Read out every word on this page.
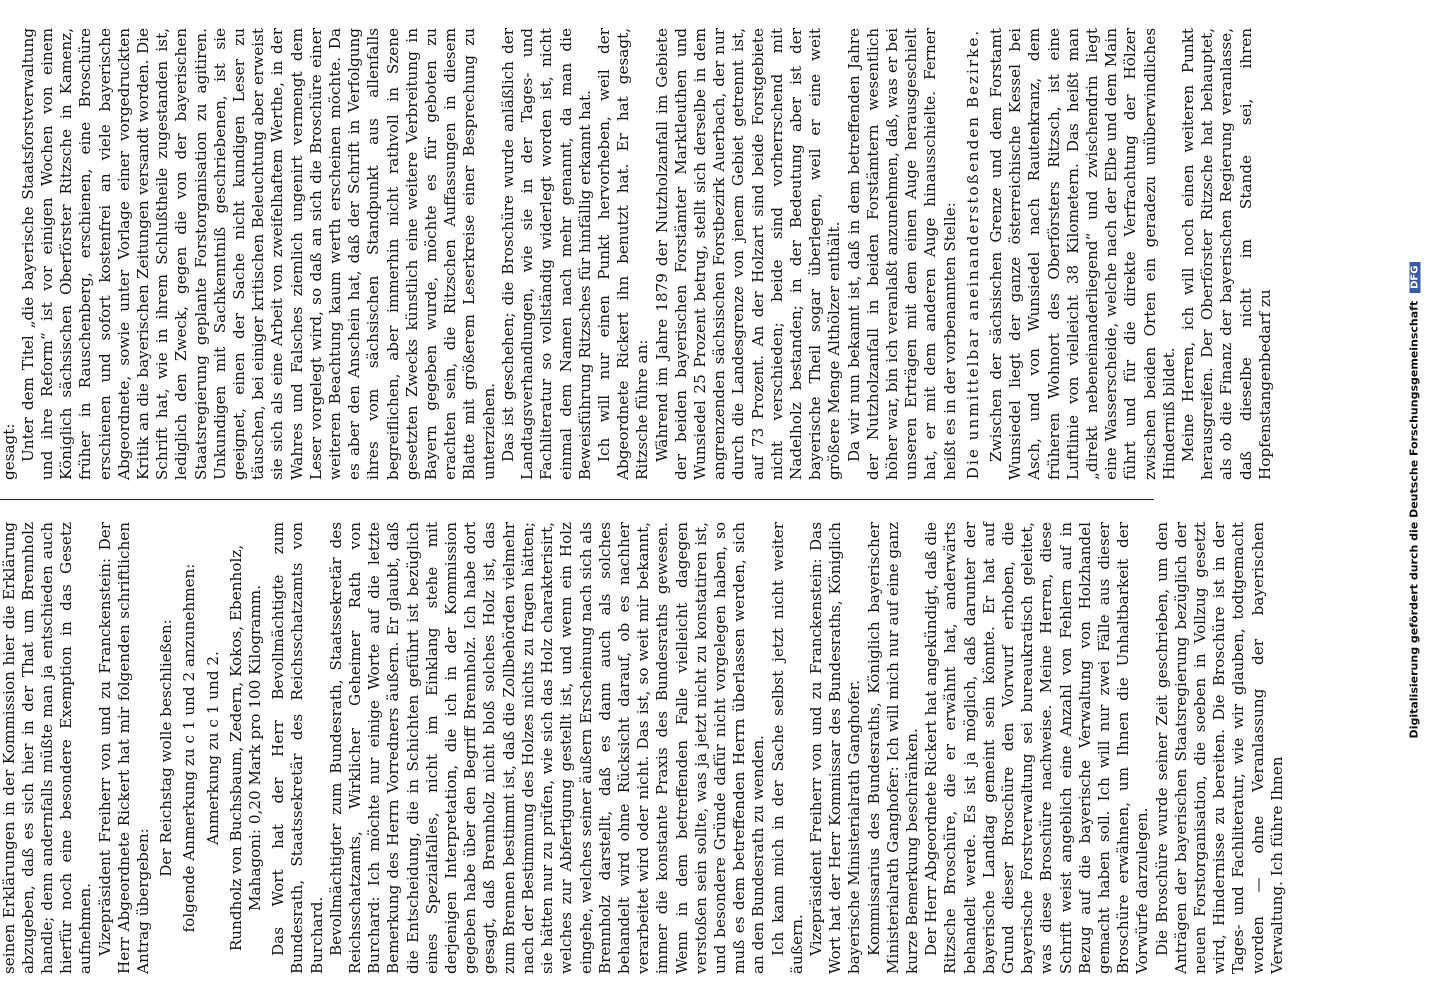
seinen Erklärungen in der Kommission hier die Erklärung abzugeben, daß es sich hier in der That um Brennholz handle; denn andernfalls müßte man ja entschieden auch hierfür noch eine besondere Exemption in das Gesetz aufnehmen. Vizepräsident Freiherr von und zu Franckenstein: Der Herr Abgeordnete Rickert hat mir folgenden schriftlichen Antrag übergeben:

Der Reichstag wolle beschließen: folgende Anmerkung zu c 1 und 2 anzunehmen: Anmerkung zu c 1 und 2. Rundholz von Buchsbaum, Zedern, Kokos, Ebenholz, Mahagoni: 0,20 Mark pro 100 Kilogramm. Das Wort hat der Herr Bevollmächtigte zum Bundesrath, Staatssekretär des Reichsschatzamts von Burchard. Bevollmächtigter zum Bundesrath, Staatssekretär des Reichsschatzamts, Wirklicher Geheimer Rath von Burchard: Ich möchte nur einige Worte auf die letzte Bemerkung des Herrn Vorredners äußern. Er glaubt, daß die Entscheidung, die in Schichten geführt ist bezüglich eines Spezialfalles, nicht im Einklang stehe mit derjenigen Interpretation, die ich in der Kommission gegeben habe über den Begriff Brennholz. Ich habe dort gesagt, daß Brennholz nicht bloß solches Holz ist, das zum Brennen bestimmt ist, daß die Zollbehörden vielmehr nach der Bestimmung des Holzes nichts zu fragen hätten; sie hätten nur zu prüfen, wie sich das Holz charakterisirt, welches zur Abfertigung gestellt ist, und wenn ein Holz eingehe, welches seiner äußern Erscheinung nach sich als Brennholz darstellt, daß es dann auch als solches behandelt wird ohne Rücksicht darauf, ob es nachher verarbeitet wird oder nicht. Das ist, so weit mir bekannt, immer die konstante Praxis des Bundesraths gewesen. Wenn in dem betreffenden Falle vielleicht dagegen verstoßen sein sollte, was ja jetzt nicht zu konstatiren ist, und besondere Gründe dafür nicht vorgelegen haben, so muß es dem betreffenden Herrn überlassen werden, sich an den Bundesrath zu wenden. Ich kann mich in der Sache selbst jetzt nicht weiter äußern. Vizepräsident Freiherr von und zu Franckenstein: Das Wort hat der Herr Kommissar des Bundesraths, Königlich bayerische Ministerialrath Ganghofer. Kommissarius des Bundesraths, Königlich bayerischer Ministerialrath Ganghofer: Ich will mich nur auf eine ganz kurze Bemerkung beschränken. Der Herr Abgeordnete Rickert hat angekündigt, daß die Ritzsche Broschüre, die er erwähnt hat, anderwärts behandelt werde. Es ist ja möglich, daß darunter der bayerische Landtag gemeint sein könnte. Er hat auf Grund dieser Broschüre den Vorwurf erhoben, die bayerische Forstverwaltung sei bureaukratisch geleitet, was diese Broschüre nachweise. Meine Herren, diese Schrift weist angeblich eine Anzahl von Fehlern auf in Bezug auf die bayerische Verwaltung von Holzhandel gemacht haben soll. Ich will nur zwei Fälle aus dieser Broschüre erwähnen, um Ihnen die Unhaltbarkeit der Vorwürfe darzulegen. Die Broschüre wurde seiner Zeit geschrieben, um den Anträgen der bayerischen Staatsregierung bezüglich der neuen Forstorganisation, die soeben in Vollzug gesetzt wird, Hindernisse zu bereiten. Die Broschüre ist in der Tages- und Fachliteratur, wie wir glauben, todtgemacht worden — ohne Veranlassung der bayerischen Verwaltung. Ich führe Ihnen

gesagt: Unter dem Titel „die bayerische Staatsforstverwaltung und ihre Reform“ ist vor einigen Wochen von einem Königlich sächsischen Oberförster Ritzsche in Kamenz, früher in Rauschenberg, erschienen, eine Broschüre erschienen und sofort kostenfrei an viele bayerische Abgeordnete, sowie unter Vorlage einer vorgedruckten Kritik an die bayerischen Zeitungen versandt worden. Die Schrift hat, wie in ihrem Schlußtheile zugestanden ist, lediglich den Zweck, gegen die von der bayerischen Staatsregierung geplante Forstorganisation zu agitiren. Unkundigen mit Sachkenntniß geschriebenen, ist sie geeignet, einen der Sache nicht kundigen Leser zu täuschen, bei einiger kritischen Beleuchtung aber erweist sie sich als eine Arbeit von zweifelhaftem Werthe, in der Wahres und Falsches ziemlich ungenirt vermengt dem Leser vorgelegt wird, so daß an sich die Broschüre einer weiteren Beachtung kaum werth erscheinen möchte. Da es aber den Anschein hat, daß der Schrift in Verfolgung ihres vom sächsischen Standpunkt aus allenfalls begreiflichen, aber immerhin nicht rathvoll in Szene gesetzten Zwecks künstlich eine weitere Verbreitung in Bayern gegeben wurde, möchte es für geboten zu erachten sein, die Ritzschen Auffassungen in diesem Blatte mit größerem Leserkreise einer Besprechung zu unterziehen. Das ist geschehen; die Broschüre wurde anläßlich der Landtagsverhandlungen, wie sie in der Tages- und Fachliteratur so vollständig widerlegt worden ist, nicht einmal dem Namen nach mehr genannt, da man die Beweisführung Ritzsches für hinfällig erkannt hat. Ich will nur einen Punkt hervorheben, weil der Abgeordnete Rickert ihn benutzt hat. Er hat gesagt, Ritzsche führe an: Während im Jahre 1879 der Nutzholzanfall im Gebiete der beiden bayerischen Forstämter Marktleuthen und Wunsiedel 25 Prozent betrug, stellt sich derselbe in dem angrenzenden sächsischen Forstbezirk Auerbach, der nur durch die Landesgrenze von jenem Gebiet getrennt ist, auf 73 Prozent. An der Holzart sind beide Forstgebiete nicht verschieden; beide sind vorherrschend mit Nadelholz bestanden; in der Bedeutung aber ist der bayerische Theil sogar überlegen, weil er eine weit größere Menge Althölzer enthält. Da wir nun bekannt ist, daß in dem betreffenden Jahre der Nutzholzanfall in beiden Forstämtern wesentlich höher war, bin ich veranlaßt anzunehmen, daß, was er bei unseren Erträgen mit dem einen Auge herausgeschielt hat, er mit dem anderen Auge hinausschielte. Ferner heißt es in der vorbenannten Stelle: Die unmittelbar aneinanderstoßenden Bezirke. Zwischen der sächsischen Grenze und dem Forstamt Wunsiedel liegt der ganze österreichische Kessel bei Asch, und von Wunsiedel nach Rautenkranz, dem früheren Wohnort des Oberförsters Ritzsch, ist eine Luftlinie von vielleicht 38 Kilometern. Das heißt man „direkt nebeneinanderliegend“ und zwischendrin liegt eine Wasserscheide, welche nach der Elbe und dem Main führt und für die direkte Verfrachtung der Hölzer zwischen beiden Orten ein geradezu unüberwindliches Hinderniß bildet. Meine Herren, ich will noch einen weiteren Punkt herausgreifen. Der Oberförster Ritzsche hat behauptet, als ob die Finanz der bayerischen Regierung veranlasse, daß dieselbe nicht im Stande sei, ihren Hopfenstangenbedarf zu	Digitalisierung gefördert durch die Deutsche Forschungsgemeinschaft DFG
